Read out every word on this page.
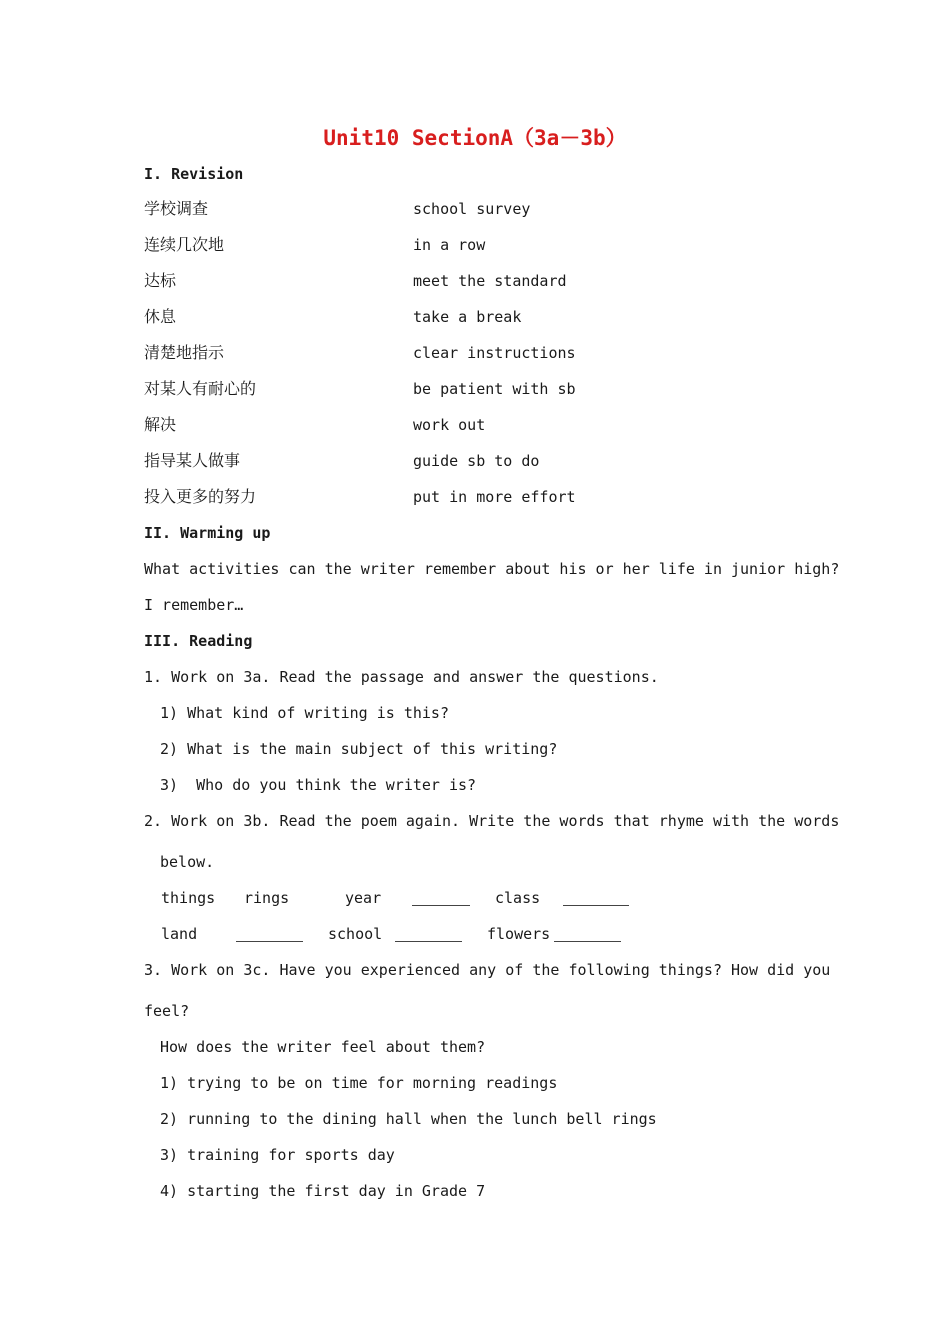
Unit10 SectionA（3a－3b）
I. Revision
学校调查	school survey
连续几次地	in a row
达标	meet the standard
休息	take a break
清楚地指示	clear instructions
对某人有耐心的	be patient with sb
解决	work out
指导某人做事	guide sb to do
投入更多的努力	put in more effort
II. Warming up
What activities can the writer remember about his or her life in junior high?
I remember…
III. Reading
1. Work on 3a. Read the passage and answer the questions.
1) What kind of writing is this?
2) What is the main subject of this writing?
3)  Who do you think the writer is?
2. Work on 3b. Read the poem again. Write the words that rhyme with the words
below.
things rings	year	class
land	school	flowers
3. Work on 3c. Have you experienced any of the following things? How did you
feel?
How does the writer feel about them?
1) trying to be on time for morning readings
2) running to the dining hall when the lunch bell rings
3) training for sports day
4) starting the first day in Grade 7
